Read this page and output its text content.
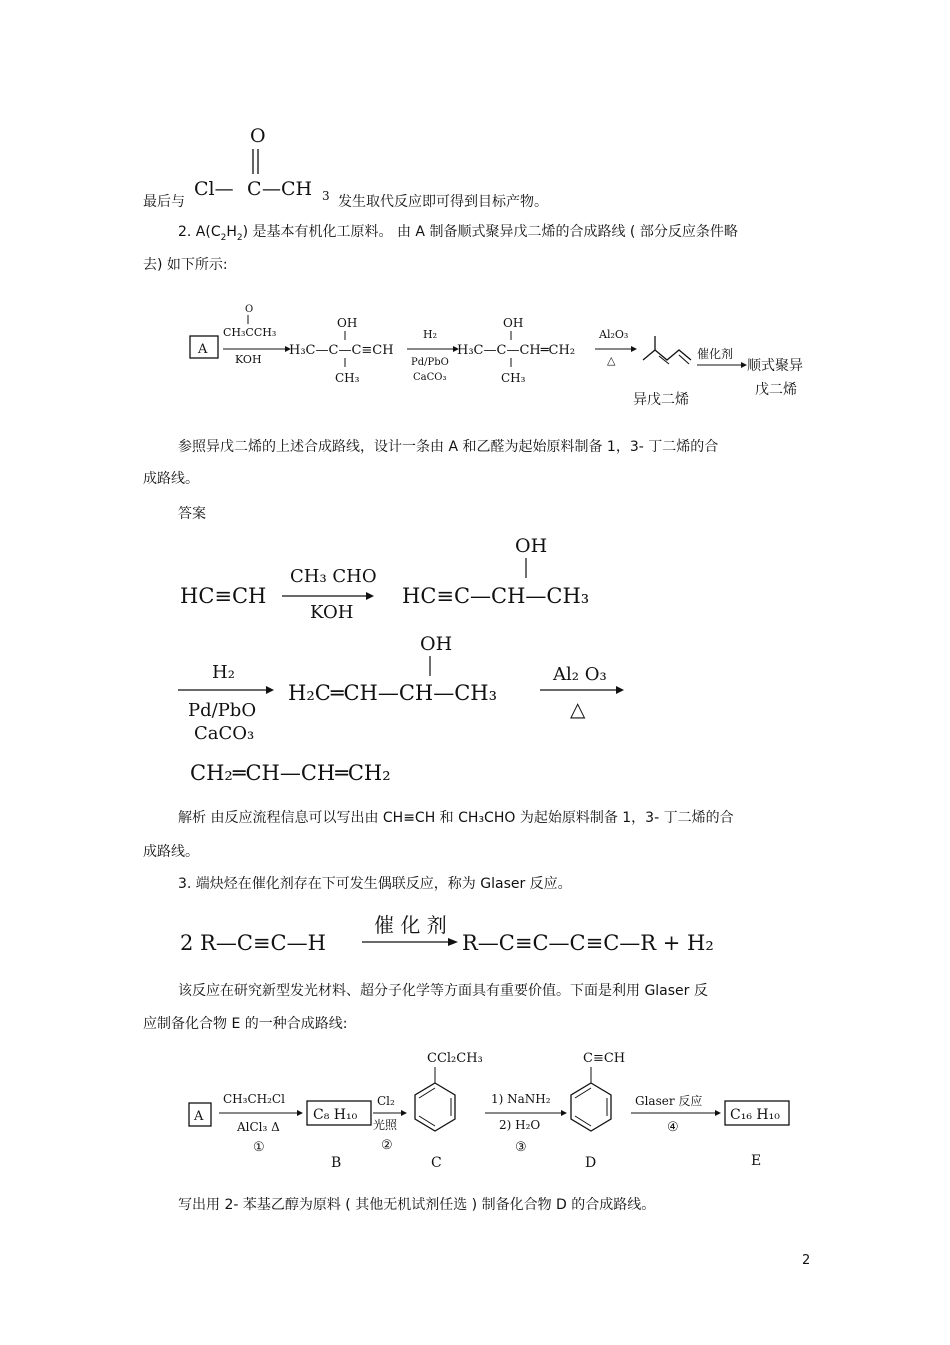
最后与
O
Cl— C —CH 3 发生取代反应即可得到目标产物。
2. $A(C_2H_2)$ 是基本有机化工原料。 由 A 制备顺式聚异戊二烯的合成路线 ( 部分反应条件略
去) 如下所示:
A
O
CH₃CCH₃
KOH
OH
H₃C—C—C≡CH
CH₃
H₂
Pd/PbO
CaCO₃
OH
H₃C—C—CH═CH₂
CH₃
Al₂O₃
△
异戊二烯
催化剂
顺式聚异
戊二烯
参照异戊二烯的上述合成路线，设计一条由 A 和乙醛为起始原料制备 1，3- 丁二烯的合
成路线。
答案
HC≡CH
CH₃ CHO
KOH
OH
HC≡C—CH—CH₃
H₂
Pd/PbO
CaCO₃
OH
H₂C═CH—CH—CH₃
Al₂ O₃
△
CH₂═CH—CH═CH₂
解析 由反应流程信息可以写出由 CH≡CH 和 CH₃CHO 为起始原料制备 1，3- 丁二烯的合
成路线。
3. 端炔烃在催化剂存在下可发生偶联反应，称为 Glaser 反应。
2 R—C≡C—H
催 化 剂
R—C≡C—C≡C—R + H₂
该反应在研究新型发光材料、超分子化学等方面具有重要价值。下面是利用 Glaser 反
应制备化合物 E 的一种合成路线:
A
CH₃CH₂Cl
AlCl₃ Δ
①
C₈ H₁₀
B
Cl₂
光照
②
CCl₂CH₃
C
1) NaNH₂
2) H₂O
③
C≡CH
D
Glaser 反应
④
C₁₆ H₁₀
E
写出用 2- 苯基乙醇为原料 ( 其他无机试剂任选 ) 制备化合物 D 的合成路线。
2
